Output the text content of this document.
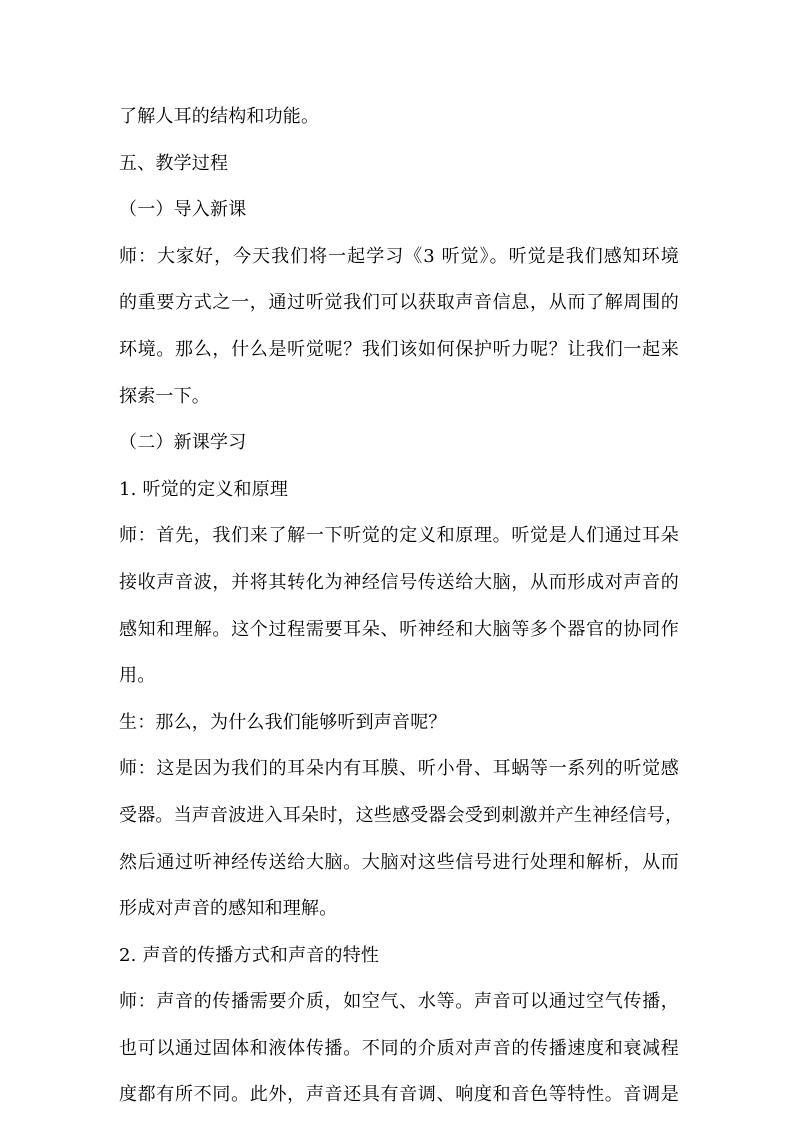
了解人耳的结构和功能。
五、教学过程
（一）导入新课
师：大家好，今天我们将一起学习《3 听觉》。听觉是我们感知环境
的重要方式之一，通过听觉我们可以获取声音信息，从而了解周围的
环境。那么，什么是听觉呢？我们该如何保护听力呢？让我们一起来
探索一下。
（二）新课学习
1. 听觉的定义和原理
师：首先，我们来了解一下听觉的定义和原理。听觉是人们通过耳朵
接收声音波，并将其转化为神经信号传送给大脑，从而形成对声音的
感知和理解。这个过程需要耳朵、听神经和大脑等多个器官的协同作
用。
生：那么，为什么我们能够听到声音呢？
师：这是因为我们的耳朵内有耳膜、听小骨、耳蜗等一系列的听觉感
受器。当声音波进入耳朵时，这些感受器会受到刺激并产生神经信号，
然后通过听神经传送给大脑。大脑对这些信号进行处理和解析，从而
形成对声音的感知和理解。
2. 声音的传播方式和声音的特性
师：声音的传播需要介质，如空气、水等。声音可以通过空气传播，
也可以通过固体和液体传播。不同的介质对声音的传播速度和衰减程
度都有所不同。此外，声音还具有音调、响度和音色等特性。音调是
